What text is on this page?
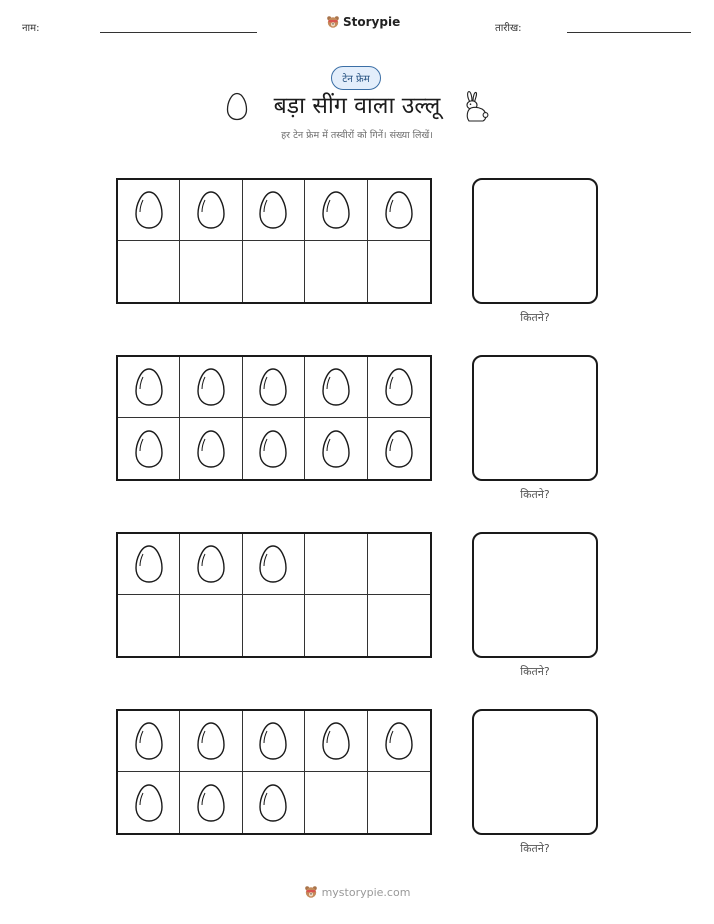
नाम:	Storypie	तारीख:
टेन फ्रेम
बड़ा सींग वाला उल्लू
हर टेन फ्रेम में तस्वीरों को गिनें। संख्या लिखें।
कितने?
कितने?
कितने?
कितने?
mystorypie.com
